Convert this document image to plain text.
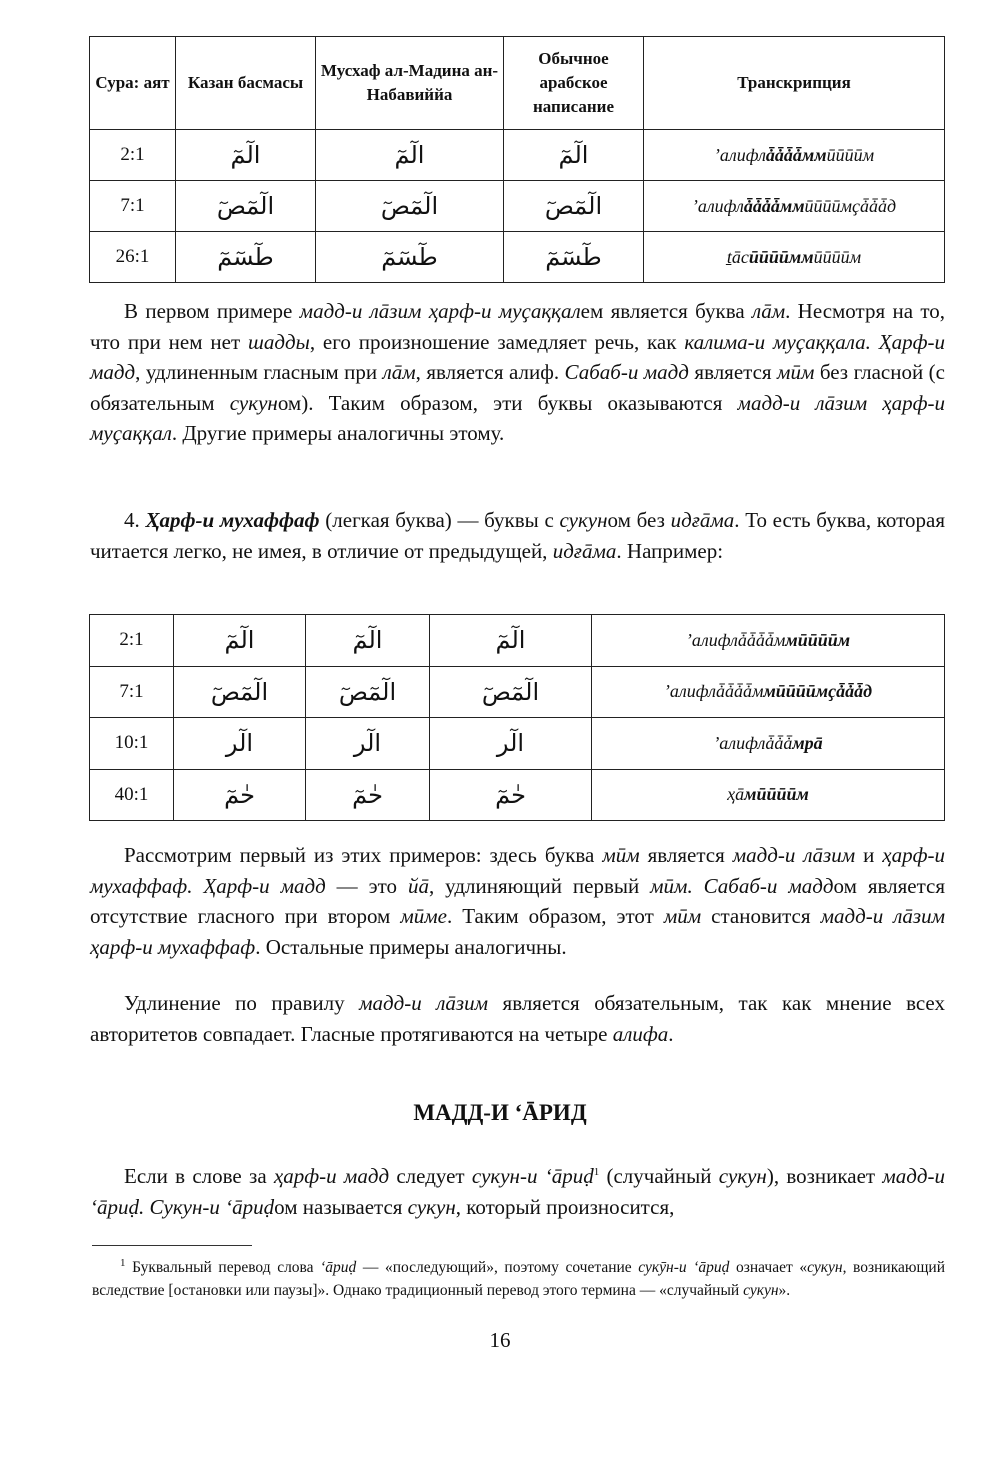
Сура: аят	Казан басмасы	Мусхаф ал-Мадина ан-Набавиййа	Обычное арабское написание	Транскрипция
2:1	الٓمٓ	الٓمٓ	الٓمٓ	ʼалифлǡǡǡǡммӣӣӣӣм
7:1	الٓمٓصٓ	الٓمٓصٓ	الٓمٓصٓ	ʼалифлǡǡǡǡммӣӣӣӣмҫǡǡǡд
26:1	طٓسٓمٓ	طٓسٓمٓ	طٓسٓمٓ	ṯāсӣӣӣӣммӣӣӣӣм

В первом примере мадд-и лāзим ҳарф-и муҫаққалем является буква лāм. Несмотря на то, что при нем нет шадды, его произношение замедляет речь, как калима-и муҫаққала. Ҳарф-и мадд, удлиненным гласным при лāм, является алиф. Сабаб-и мадд является мӣм без гласной (с обязательным сукуном). Таким образом, эти буквы оказываются мадд-и лāзим ҳарф-и муҫаққал. Другие примеры аналогичны этому.

4. Ҳарф-и мухаффаф (легкая буква) — буквы с сукуном без идғāма. То есть буква, которая читается легко, не имея, в отличие от предыдущей, идғāма. Например:

2:1	الٓمٓ	الٓمٓ	الٓمٓ	ʼалифлǡǡǡǡммӣӣӣӣм
7:1	الٓمٓصٓ	الٓمٓصٓ	الٓمٓصٓ	ʼалифлǡǡǡǡммӣӣӣӣмҫǡǡǡд
10:1	الٓر	الٓر	الٓر	ʼалифлǡǡǡмрā
40:1	حٰمٓ	حٰمٓ	حٰمٓ	ҳāмӣӣӣӣм

Рассмотрим первый из этих примеров: здесь буква мӣм является мадд-и лāзим и ҳарф-и мухаффаф. Ҳарф-и мадд — это йā, удлиняющий первый мӣм. Сабаб-и маддом является отсутствие гласного при втором мӣме. Таким образом, этот мӣм становится мадд-и лāзим ҳарф-и мухаффаф. Остальные примеры аналогичны.

Удлинение по правилу мадд-и лāзим является обязательным, так как мнение всех авторитетов совпадает. Гласные протягиваются на четыре алифа.

МАДД-И ʻĀРИД

Если в слове за ҳарф-и мадд следует сукун-и ʻāриḍ$^1$ (случайный сукун), возникает мадд-и ʻāриḍ. Сукун-и ʻāриḍом называется сукун, который произносится,

$^1$ Буквальный перевод слова ʻāриḍ — «последующий», поэтому сочетание сукӯн-и ʻāриḍ означает «сукун, возникающий вследствие [остановки или паузы]». Однако традиционный перевод этого термина — «случайный сукун».

16
